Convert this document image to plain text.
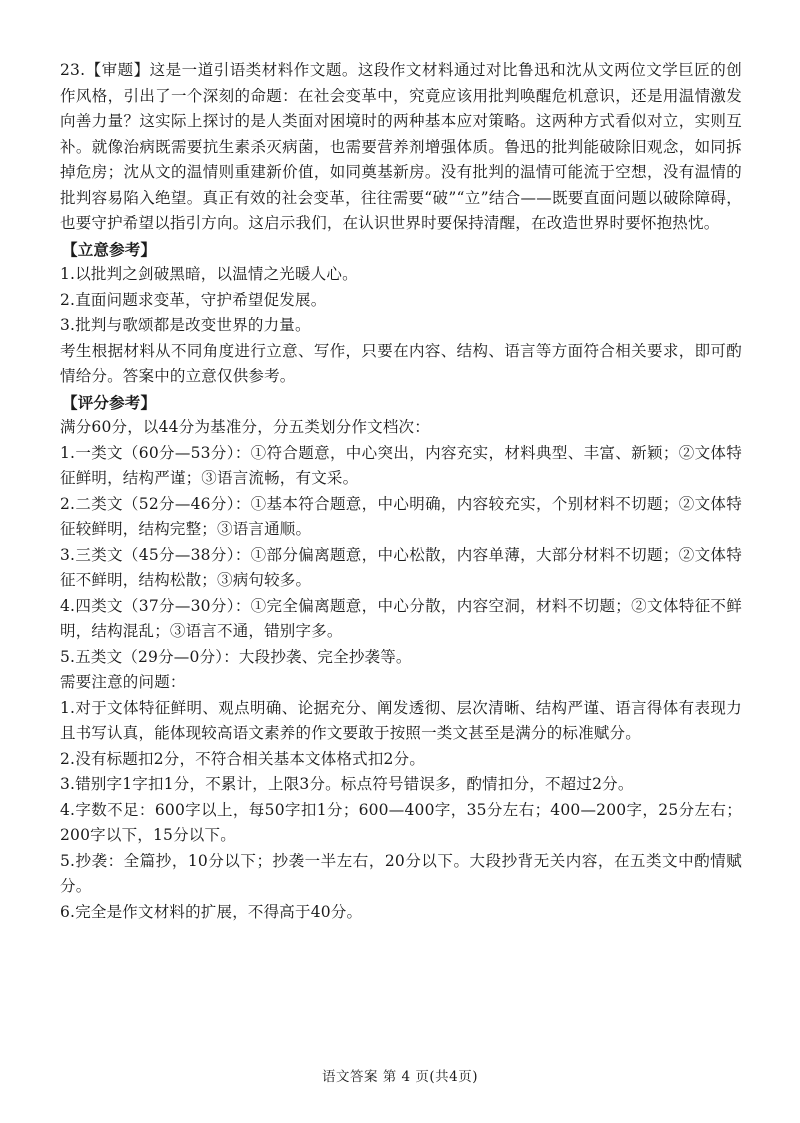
23.【审题】这是一道引语类材料作文题。这段作文材料通过对比鲁迅和沈从文两位文学巨匠的创作风格，引出了一个深刻的命题：在社会变革中，究竟应该用批判唤醒危机意识，还是用温情激发向善力量？这实际上探讨的是人类面对困境时的两种基本应对策略。这两种方式看似对立，实则互补。就像治病既需要抗生素杀灭病菌，也需要营养剂增强体质。鲁迅的批判能破除旧观念，如同拆掉危房；沈从文的温情则重建新价值，如同奠基新房。没有批判的温情可能流于空想，没有温情的批判容易陷入绝望。真正有效的社会变革，往往需要“破”“立”结合——既要直面问题以破除障碍，也要守护希望以指引方向。这启示我们，在认识世界时要保持清醒，在改造世界时要怀抱热忱。

【立意参考】

1.以批判之剑破黑暗，以温情之光暖人心。

2.直面问题求变革，守护希望促发展。

3.批判与歌颂都是改变世界的力量。

考生根据材料从不同角度进行立意、写作，只要在内容、结构、语言等方面符合相关要求，即可酌情给分。答案中的立意仅供参考。

【评分参考】

满分60分，以44分为基准分，分五类划分作文档次：

1.一类文（60分—53分）：①符合题意，中心突出，内容充实，材料典型、丰富、新颖；②文体特征鲜明，结构严谨；③语言流畅，有文采。

2.二类文（52分—46分）：①基本符合题意，中心明确，内容较充实，个别材料不切题；②文体特征较鲜明，结构完整；③语言通顺。

3.三类文（45分—38分）：①部分偏离题意，中心松散，内容单薄，大部分材料不切题；②文体特征不鲜明，结构松散；③病句较多。

4.四类文（37分—30分）：①完全偏离题意，中心分散，内容空洞，材料不切题；②文体特征不鲜明，结构混乱；③语言不通，错别字多。

5.五类文（29分—0分）：大段抄袭、完全抄袭等。

需要注意的问题：

1.对于文体特征鲜明、观点明确、论据充分、阐发透彻、层次清晰、结构严谨、语言得体有表现力且书写认真，能体现较高语文素养的作文要敢于按照一类文甚至是满分的标准赋分。

2.没有标题扣2分，不符合相关基本文体格式扣2分。

3.错别字1字扣1分，不累计，上限3分。标点符号错误多，酌情扣分，不超过2分。

4.字数不足：600字以上，每50字扣1分；600—400字，35分左右；400—200字，25分左右；200字以下，15分以下。

5.抄袭：全篇抄，10分以下；抄袭一半左右，20分以下。大段抄背无关内容，在五类文中酌情赋分。

6.完全是作文材料的扩展，不得高于40分。

语文答案 第 4 页(共4页)
